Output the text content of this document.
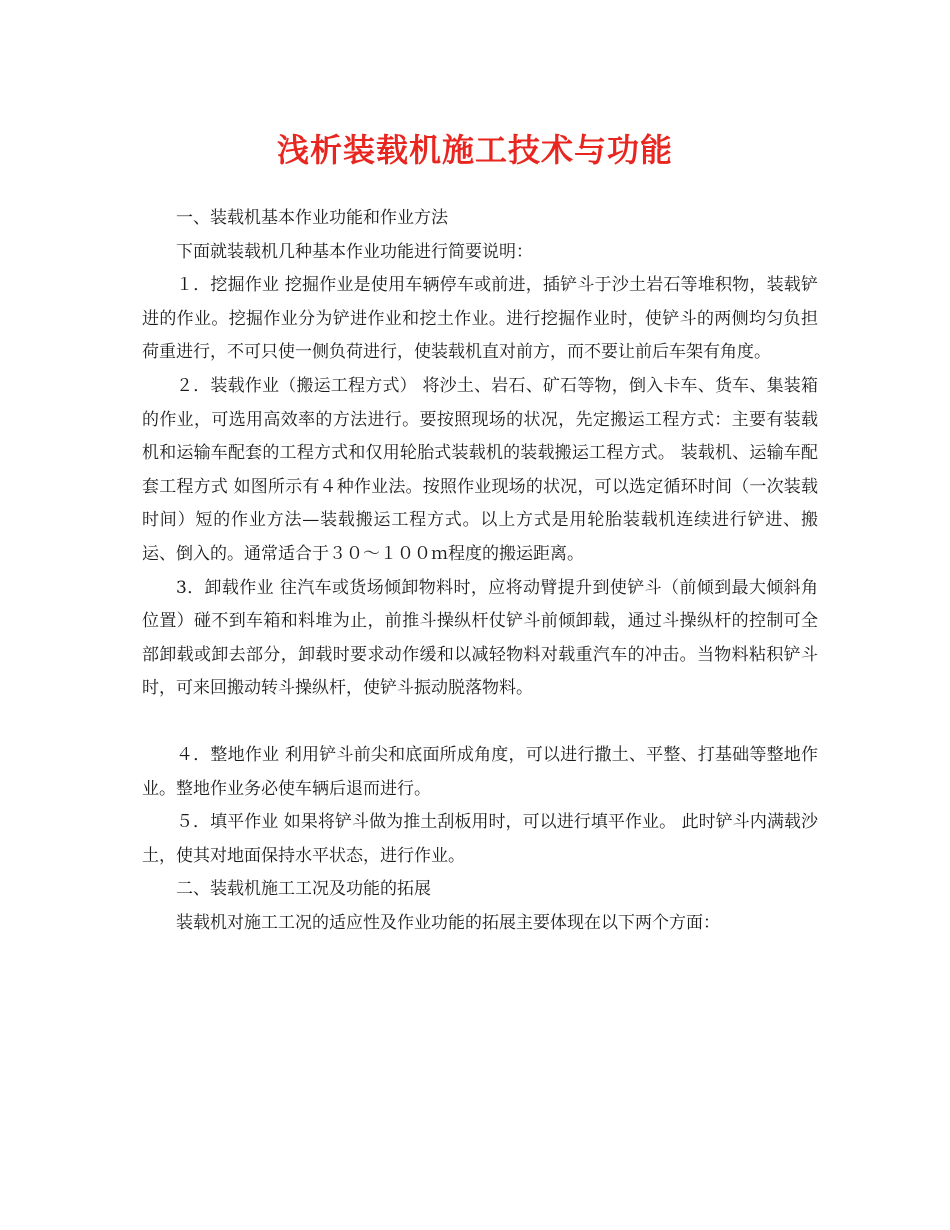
浅析装载机施工技术与功能

一、装载机基本作业功能和作业方法

下面就装载机几种基本作业功能进行简要说明：

１．挖掘作业 挖掘作业是使用车辆停车或前进，插铲斗于沙土岩石等堆积物，装载铲进的作业。挖掘作业分为铲进作业和挖土作业。进行挖掘作业时，使铲斗的两侧均匀负担荷重进行，不可只使一侧负荷进行，使装载机直对前方，而不要让前后车架有角度。

２．装载作业（搬运工程方式） 将沙土、岩石、矿石等物，倒入卡车、货车、集装箱的作业，可选用高效率的方法进行。要按照现场的状况，先定搬运工程方式：主要有装载机和运输车配套的工程方式和仅用轮胎式装载机的装载搬运工程方式。 装载机、运输车配套工程方式 如图所示有４种作业法。按照作业现场的状况，可以选定循环时间（一次装载时间）短的作业方法—装载搬运工程方式。以上方式是用轮胎装载机连续进行铲进、搬运、倒入的。通常适合于３０～１００ｍ程度的搬运距离。

3．卸载作业 往汽车或货场倾卸物料时，应将动臂提升到使铲斗（前倾到最大倾斜角位置）碰不到车箱和料堆为止，前推斗操纵杆仗铲斗前倾卸载，通过斗操纵杆的控制可全部卸载或卸去部分，卸载时要求动作缓和以减轻物料对载重汽车的冲击。当物料粘积铲斗时，可来回搬动转斗操纵杆，使铲斗振动脱落物料。

４．整地作业 利用铲斗前尖和底面所成角度，可以进行撒土、平整、打基础等整地作业。整地作业务必使车辆后退而进行。

５．填平作业 如果将铲斗做为推土刮板用时，可以进行填平作业。 此时铲斗内满载沙土，使其对地面保持水平状态，进行作业。

二、装载机施工工况及功能的拓展

装载机对施工工况的适应性及作业功能的拓展主要体现在以下两个方面：
